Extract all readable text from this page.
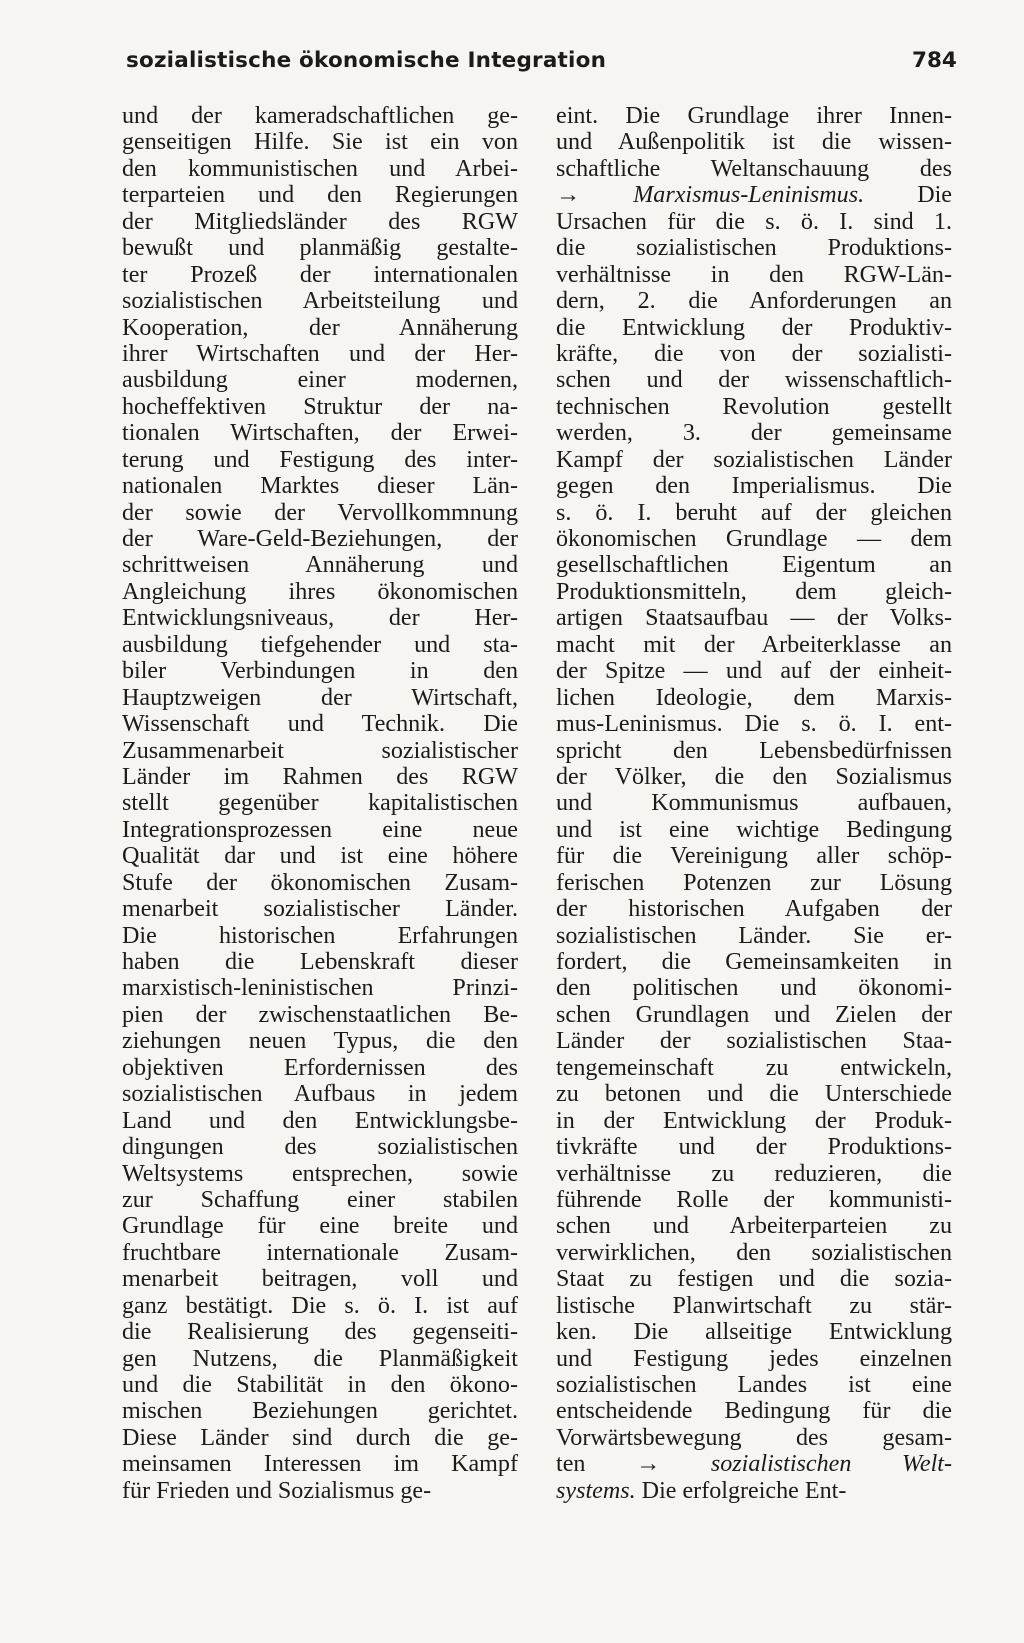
sozialistische ökonomische Integration	784
und der kameradschaftlichen ge-
genseitigen Hilfe. Sie ist ein von
den kommunistischen und Arbei-
terparteien und den Regierungen
der Mitgliedsländer des RGW
bewußt und planmäßig gestalte-
ter Prozeß der internationalen
sozialistischen Arbeitsteilung und
Kooperation, der Annäherung
ihrer Wirtschaften und der Her-
ausbildung einer modernen,
hocheffektiven Struktur der na-
tionalen Wirtschaften, der Erwei-
terung und Festigung des inter-
nationalen Marktes dieser Län-
der sowie der Vervollkommnung
der Ware-Geld-Beziehungen, der
schrittweisen Annäherung und
Angleichung ihres ökonomischen
Entwicklungsniveaus, der Her-
ausbildung tiefgehender und sta-
biler Verbindungen in den
Hauptzweigen der Wirtschaft,
Wissenschaft und Technik. Die
Zusammenarbeit sozialistischer
Länder im Rahmen des RGW
stellt gegenüber kapitalistischen
Integrationsprozessen eine neue
Qualität dar und ist eine höhere
Stufe der ökonomischen Zusam-
menarbeit sozialistischer Länder.
Die historischen Erfahrungen
haben die Lebenskraft dieser
marxistisch-leninistischen Prinzi-
pien der zwischenstaatlichen Be-
ziehungen neuen Typus, die den
objektiven Erfordernissen des
sozialistischen Aufbaus in jedem
Land und den Entwicklungsbe-
dingungen des sozialistischen
Weltsystems entsprechen, sowie
zur Schaffung einer stabilen
Grundlage für eine breite und
fruchtbare internationale Zusam-
menarbeit beitragen, voll und
ganz bestätigt. Die s. ö. I. ist auf
die Realisierung des gegenseiti-
gen Nutzens, die Planmäßigkeit
und die Stabilität in den ökono-
mischen Beziehungen gerichtet.
Diese Länder sind durch die ge-
meinsamen Interessen im Kampf
für Frieden und Sozialismus ge-
eint. Die Grundlage ihrer Innen-
und Außenpolitik ist die wissen-
schaftliche Weltanschauung des
→ Marxismus-Leninismus. Die
Ursachen für die s. ö. I. sind 1.
die sozialistischen Produktions-
verhältnisse in den RGW-Län-
dern, 2. die Anforderungen an
die Entwicklung der Produktiv-
kräfte, die von der sozialisti-
schen und der wissenschaftlich-
technischen Revolution gestellt
werden, 3. der gemeinsame
Kampf der sozialistischen Länder
gegen den Imperialismus. Die
s. ö. I. beruht auf der gleichen
ökonomischen Grundlage — dem
gesellschaftlichen Eigentum an
Produktionsmitteln, dem gleich-
artigen Staatsaufbau — der Volks-
macht mit der Arbeiterklasse an
der Spitze — und auf der einheit-
lichen Ideologie, dem Marxis-
mus-Leninismus. Die s. ö. I. ent-
spricht den Lebensbedürfnissen
der Völker, die den Sozialismus
und Kommunismus aufbauen,
und ist eine wichtige Bedingung
für die Vereinigung aller schöp-
ferischen Potenzen zur Lösung
der historischen Aufgaben der
sozialistischen Länder. Sie er-
fordert, die Gemeinsamkeiten in
den politischen und ökonomi-
schen Grundlagen und Zielen der
Länder der sozialistischen Staa-
tengemeinschaft zu entwickeln,
zu betonen und die Unterschiede
in der Entwicklung der Produk-
tivkräfte und der Produktions-
verhältnisse zu reduzieren, die
führende Rolle der kommunisti-
schen und Arbeiterparteien zu
verwirklichen, den sozialistischen
Staat zu festigen und die sozia-
listische Planwirtschaft zu stär-
ken. Die allseitige Entwicklung
und Festigung jedes einzelnen
sozialistischen Landes ist eine
entscheidende Bedingung für die
Vorwärtsbewegung des gesam-
ten → sozialistischen Welt-
systems. Die erfolgreiche Ent-
